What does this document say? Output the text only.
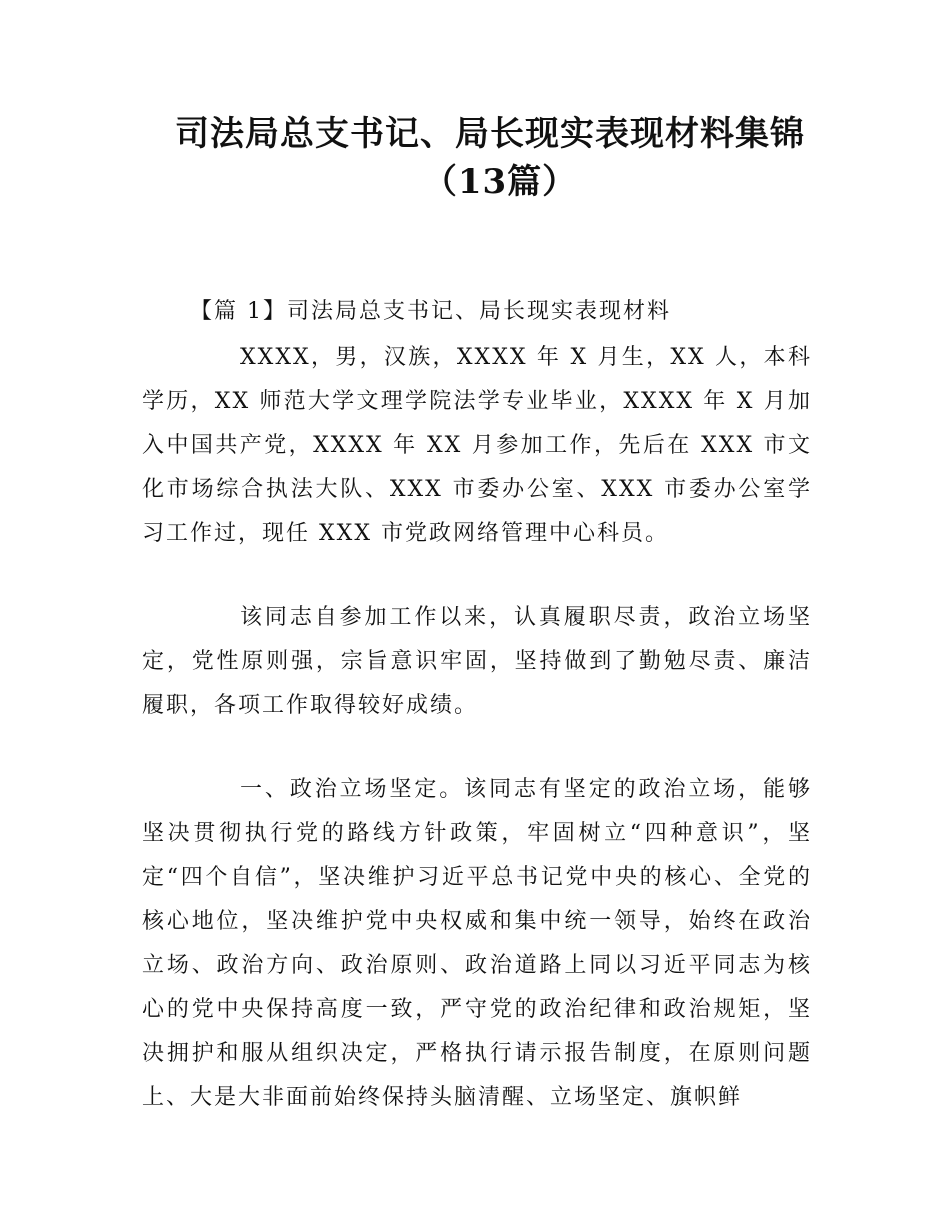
司法局总支书记、局长现实表现材料集锦
（13篇）
【篇 1】司法局总支书记、局长现实表现材料

XXXX，男，汉族，XXXX 年 X 月生，XX 人，本科学历，XX 师范大学文理学院法学专业毕业，XXXX 年 X 月加入中国共产党，XXXX 年 XX 月参加工作，先后在 XXX 市文化市场综合执法大队、XXX 市委办公室、XXX 市委办公室学习工作过，现任 XXX 市党政网络管理中心科员。

该同志自参加工作以来，认真履职尽责，政治立场坚定，党性原则强，宗旨意识牢固，坚持做到了勤勉尽责、廉洁履职，各项工作取得较好成绩。

一、政治立场坚定。该同志有坚定的政治立场，能够坚决贯彻执行党的路线方针政策，牢固树立“四种意识”，坚定“四个自信”，坚决维护习近平总书记党中央的核心、全党的核心地位，坚决维护党中央权威和集中统一领导，始终在政治立场、政治方向、政治原则、政治道路上同以习近平同志为核心的党中央保持高度一致，严守党的政治纪律和政治规矩，坚决拥护和服从组织决定，严格执行请示报告制度，在原则问题上、大是大非面前始终保持头脑清醒、立场坚定、旗帜鲜
